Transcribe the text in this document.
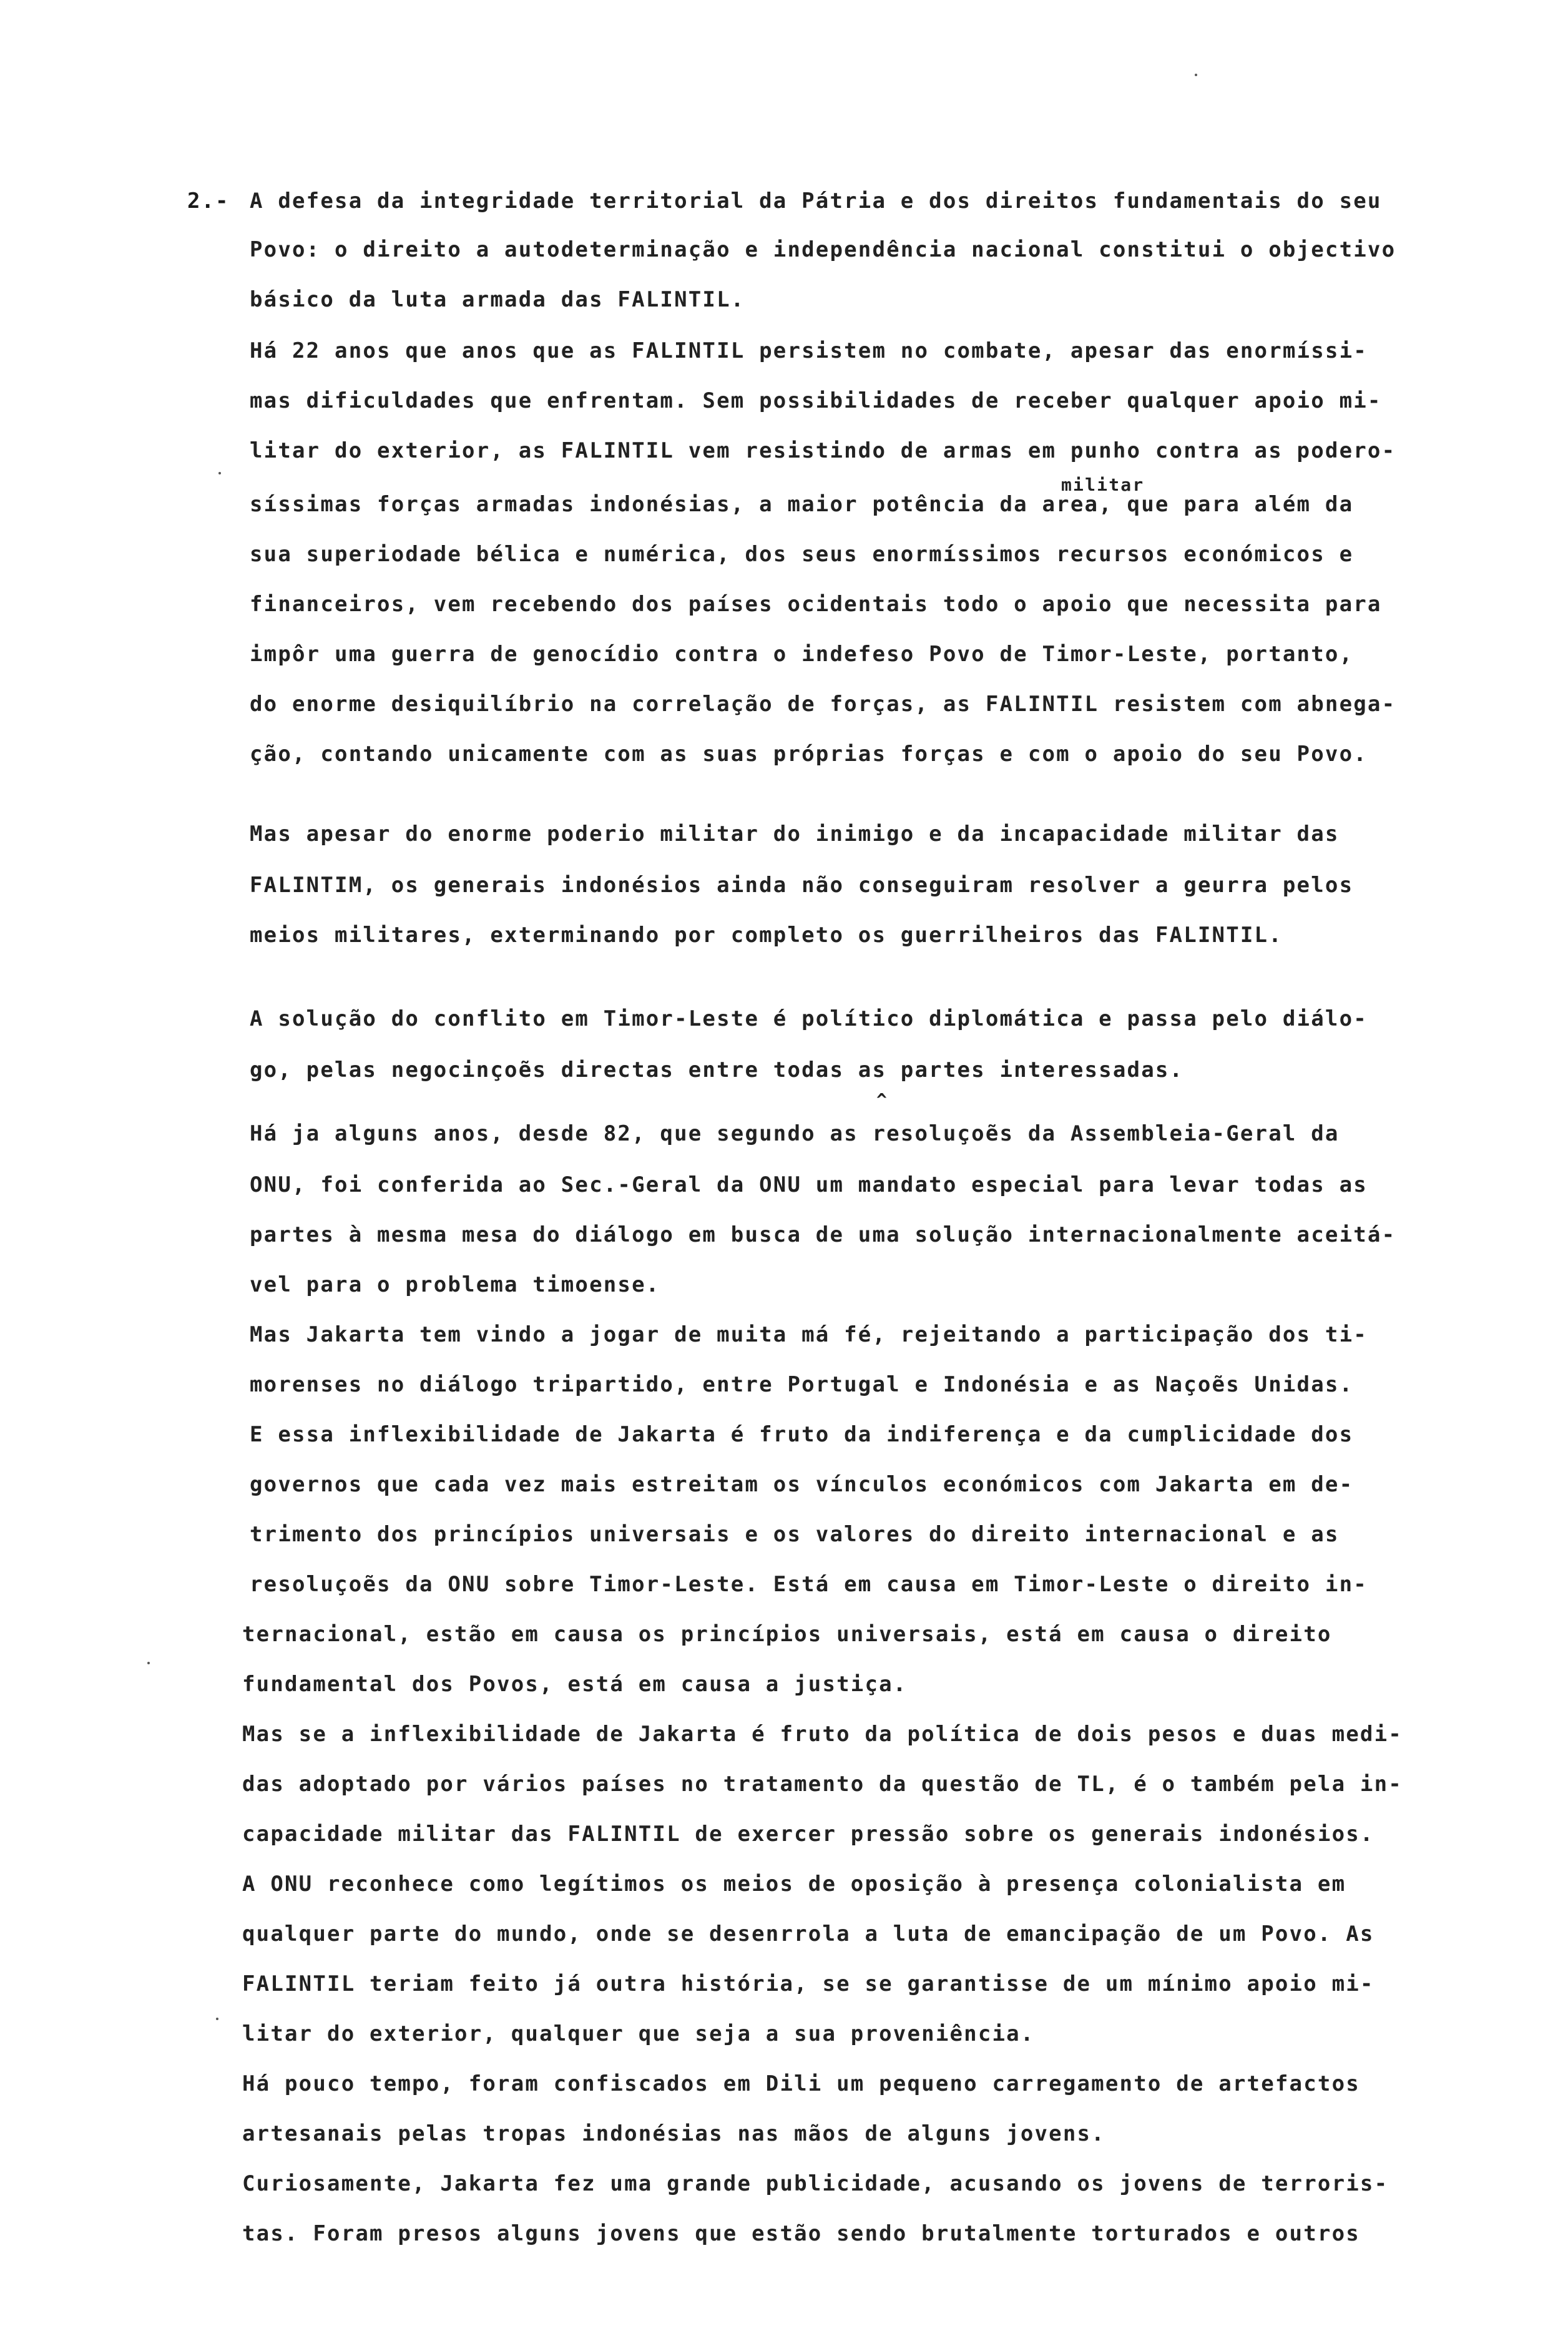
2.- A defesa da integridade territorial da Pátria e dos direitos fundamentais do seu
Povo: o direito a autodeterminação e independência nacional constitui o objectivo
básico da luta armada das FALINTIL.
Há 22 anos que anos que as FALINTIL persistem no combate, apesar das enormíssi-
mas dificuldades que enfrentam. Sem possibilidades de receber qualquer apoio mi-
litar do exterior, as FALINTIL vem resistindo de armas em punho contra as podero-
militar
síssimas forças armadas indonésias, a maior potência da area, que para além da
sua superiodade bélica e numérica, dos seus enormíssimos recursos económicos e
financeiros, vem recebendo dos países ocidentais todo o apoio que necessita para
impôr uma guerra de genocídio contra o indefeso Povo de Timor-Leste, portanto,
do enorme desiquilíbrio na correlação de forças, as FALINTIL resistem com abnega-
ção, contando unicamente com as suas próprias forças e com o apoio do seu Povo.
Mas apesar do enorme poderio militar do inimigo e da incapacidade militar das
FALINTIM, os generais indonésios ainda não conseguiram resolver a geurra pelos
meios militares, exterminando por completo os guerrilheiros das FALINTIL.
A solução do conflito em Timor-Leste é político diplomática e passa pelo diálo-
go, pelas negocinçoẽs directas entre todas as partes interessadas.
^
Há ja alguns anos, desde 82, que segundo as resoluçoẽs da Assembleia-Geral da
ONU, foi conferida ao Sec.-Geral da ONU um mandato especial para levar todas as
partes à mesma mesa do diálogo em busca de uma solução internacionalmente aceitá-
vel para o problema timoense.
Mas Jakarta tem vindo a jogar de muita má fé, rejeitando a participação dos ti-
morenses no diálogo tripartido, entre Portugal e Indonésia e as Naçoẽs Unidas.
E essa inflexibilidade de Jakarta é fruto da indiferença e da cumplicidade dos
governos que cada vez mais estreitam os vínculos económicos com Jakarta em de-
trimento dos princípios universais e os valores do direito internacional e as
resoluçoẽs da ONU sobre Timor-Leste. Está em causa em Timor-Leste o direito in-
ternacional, estão em causa os princípios universais, está em causa o direito
fundamental dos Povos, está em causa a justiça.
Mas se a inflexibilidade de Jakarta é fruto da política de dois pesos e duas medi-
das adoptado por vários países no tratamento da questão de TL, é o também pela in-
capacidade militar das FALINTIL de exercer pressão sobre os generais indonésios.
A ONU reconhece como legítimos os meios de oposição à presença colonialista em
qualquer parte do mundo, onde se desenrrola a luta de emancipação de um Povo. As
FALINTIL teriam feito já outra história, se se garantisse de um mínimo apoio mi-
litar do exterior, qualquer que seja a sua proveniência.
Há pouco tempo, foram confiscados em Dili um pequeno carregamento de artefactos
artesanais pelas tropas indonésias nas mãos de alguns jovens.
Curiosamente, Jakarta fez uma grande publicidade, acusando os jovens de terroris-
tas. Foram presos alguns jovens que estão sendo brutalmente torturados e outros
